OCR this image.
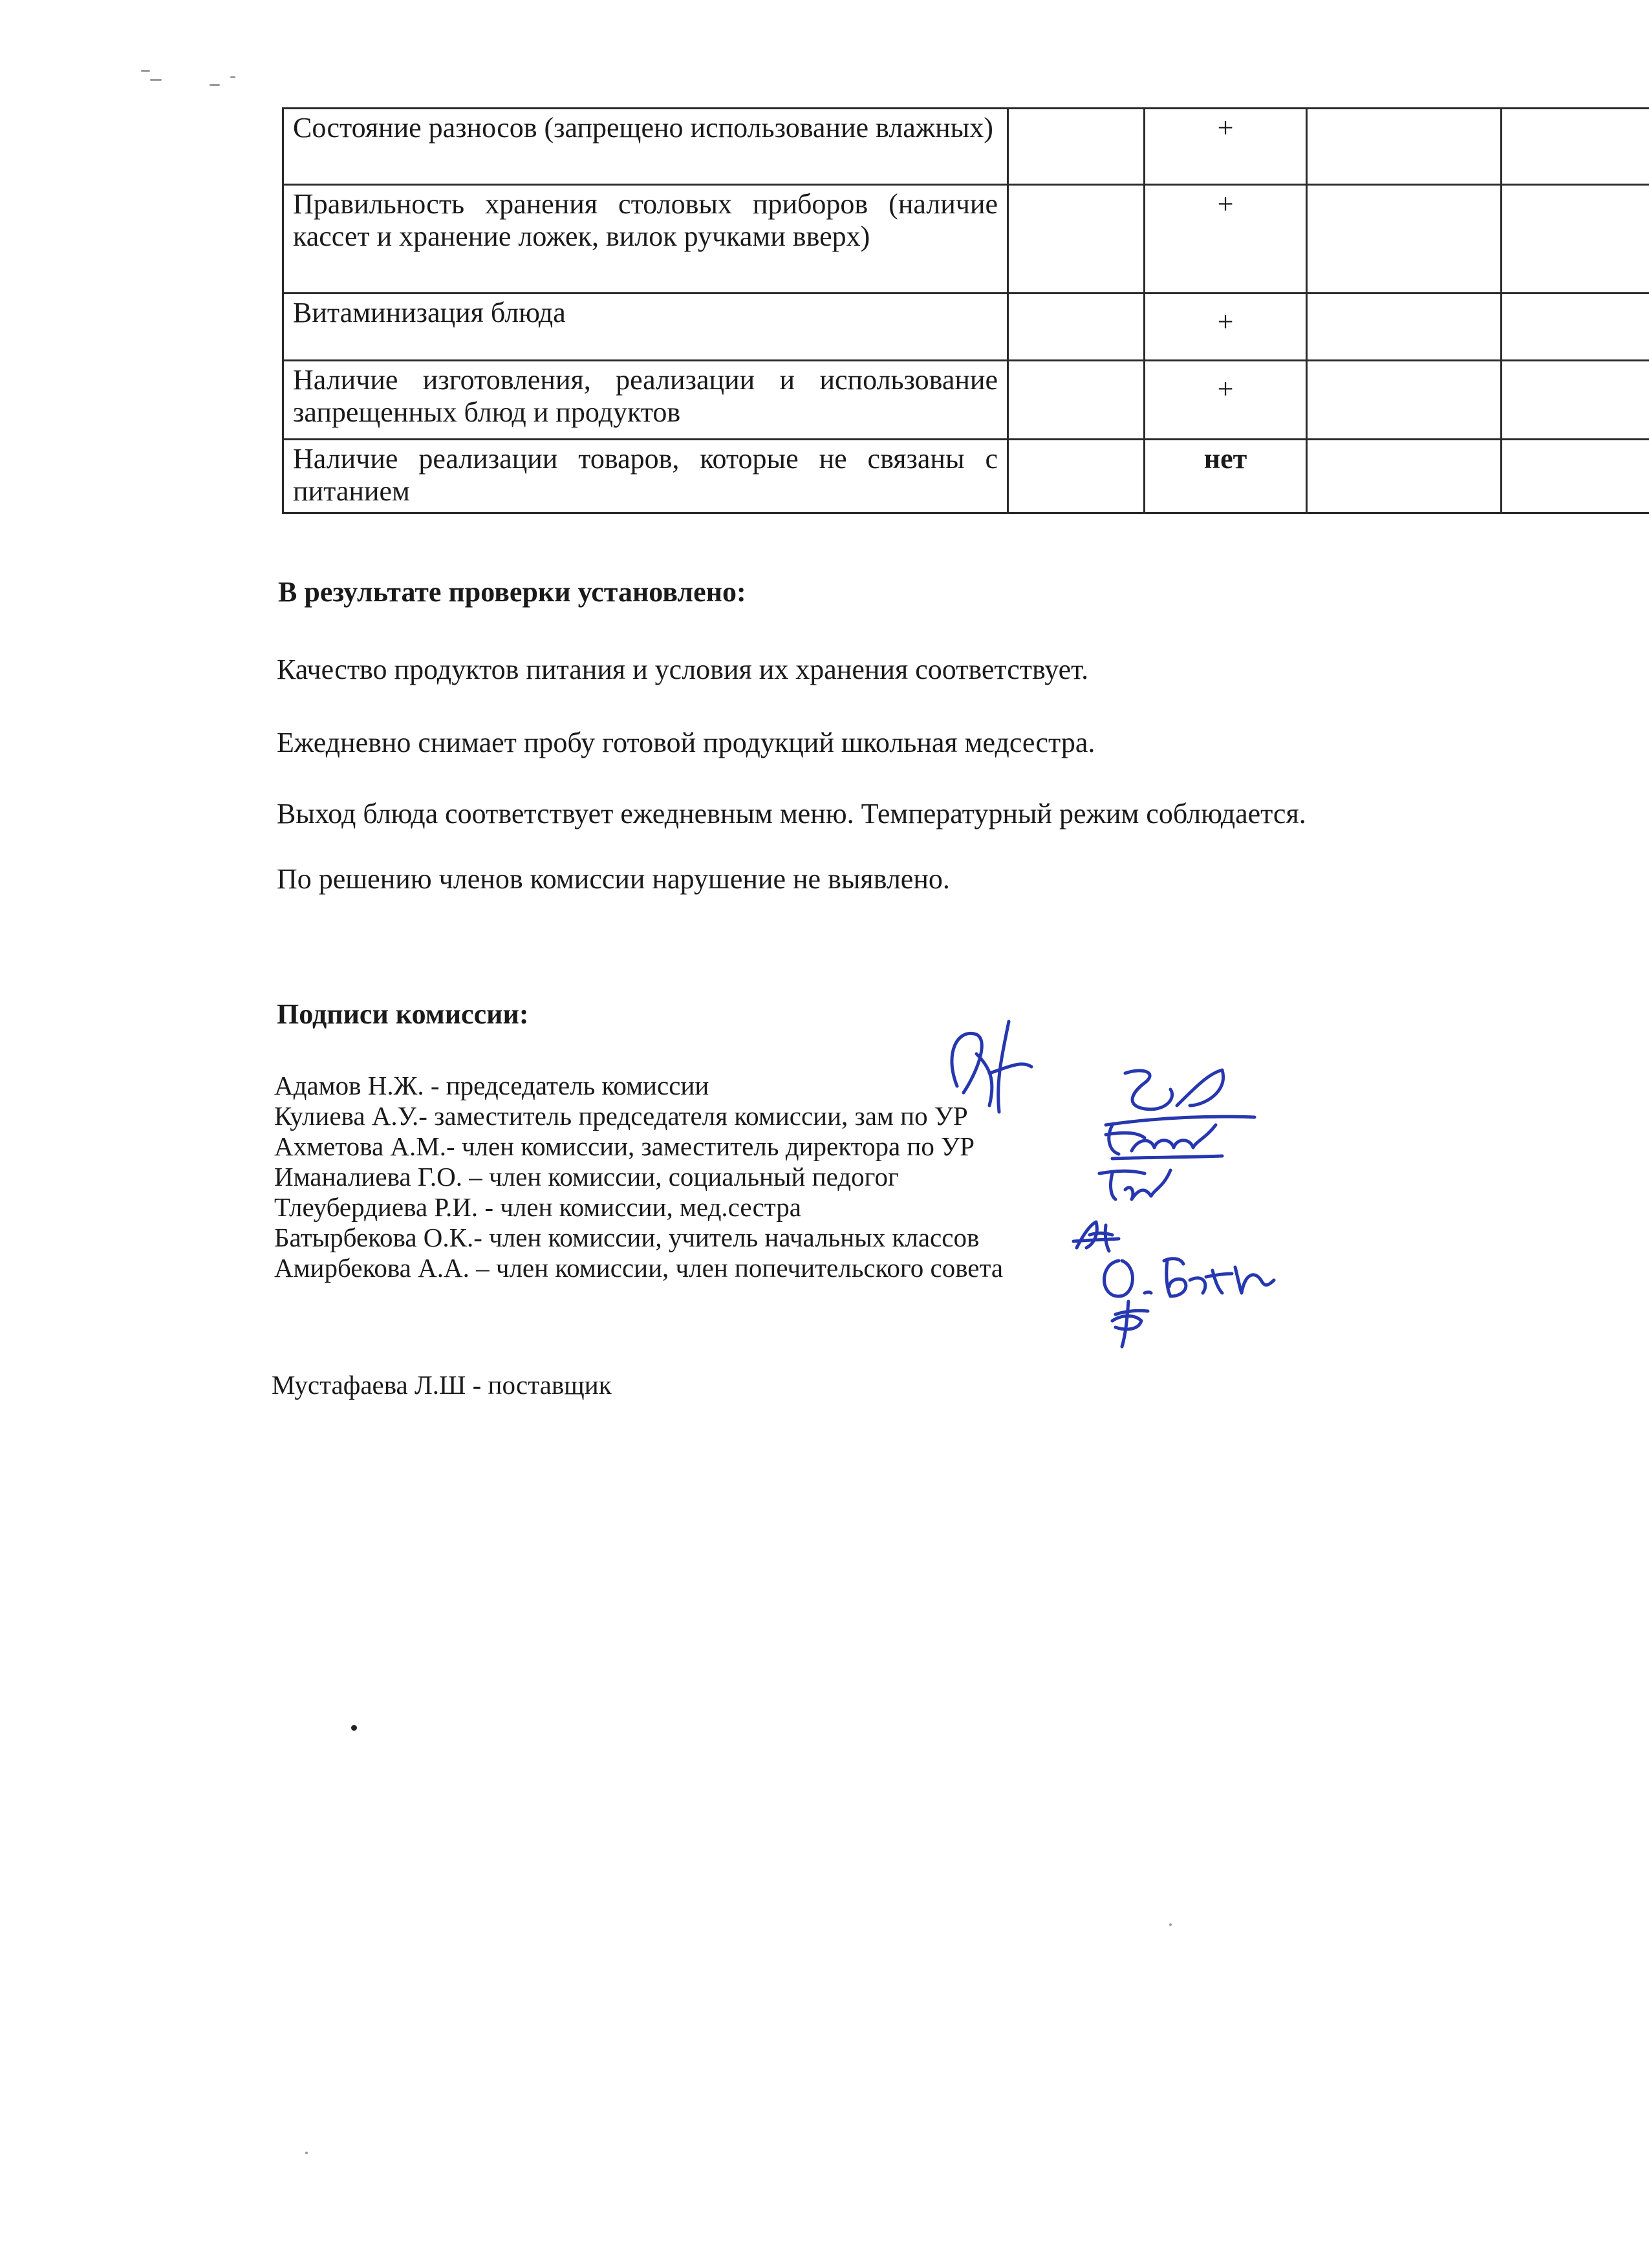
Состояние разносов (запрещено использование влажных)		+		
Правильность хранения столовых приборов (наличие кассет и хранение ложек, вилок ручками вверх)		+		
Витаминизация блюда		+		
Наличие изготовления, реализации и использование запрещенных блюд и продуктов		+		
Наличие реализации товаров, которые не связаны с питанием		нет		
В результате проверки установлено:
Качество продуктов питания и условия их хранения соответствует.
Ежедневно снимает пробу готовой продукций школьная медсестра.
Выход блюда соответствует ежедневным меню. Температурный режим соблюдается.
По решению членов комиссии нарушение не выявлено.
Подписи комиссии:
Адамов Н.Ж. - председатель комиссии
Кулиева А.У.- заместитель председателя комиссии, зам по УР
Ахметова А.М.- член комиссии, заместитель директора по УР
Иманалиева Г.О. – член комиссии, социальный педогог
Тлеубердиева Р.И. - член комиссии, мед.сестра
Батырбекова О.К.- член комиссии, учитель начальных классов
Амирбекова А.А. – член комиссии, член попечительского совета
Мустафаева Л.Ш - поставщик
